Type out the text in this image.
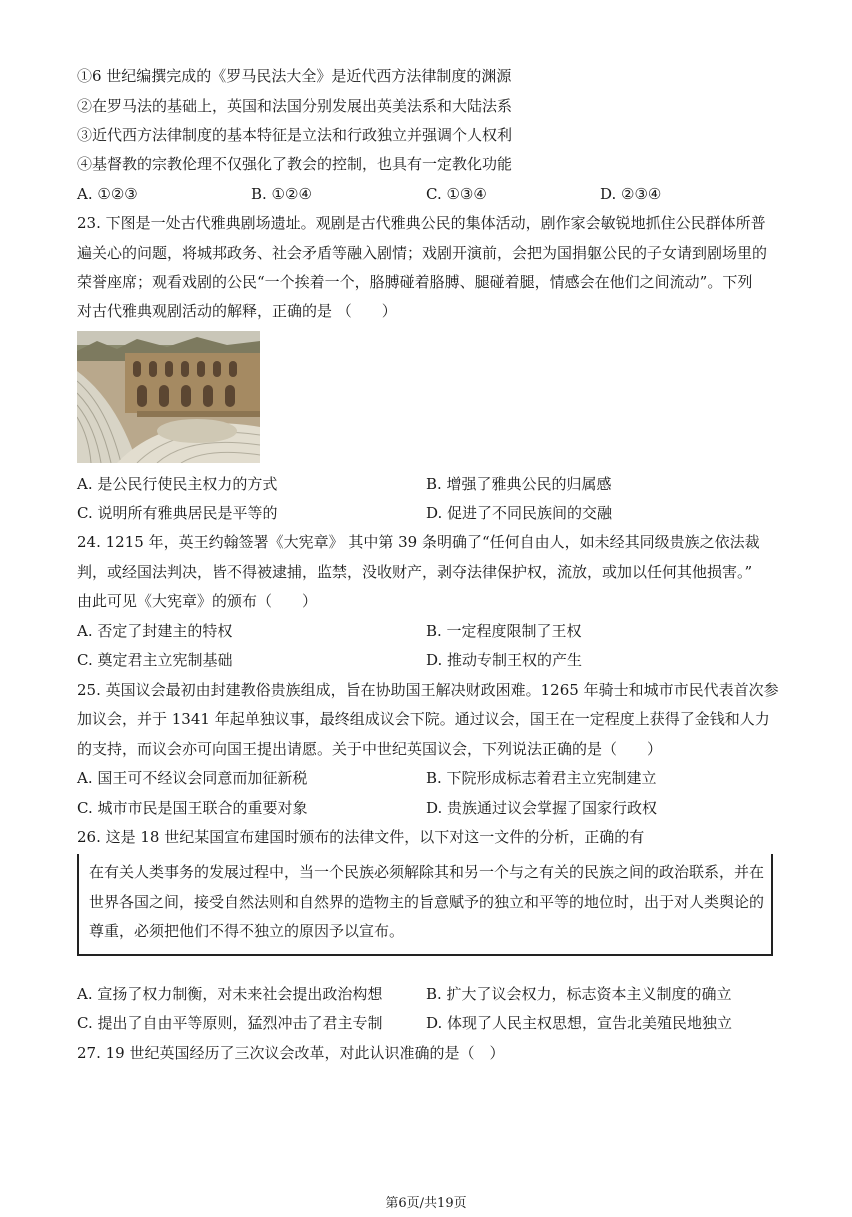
①6 世纪编撰完成的《罗马民法大全》是近代西方法律制度的渊源
②在罗马法的基础上，英国和法国分别发展出英美法系和大陆法系
③近代西方法律制度的基本特征是立法和行政独立并强调个人权利
④基督教的宗教伦理不仅强化了教会的控制，也具有一定教化功能
A. ①②③	B. ①②④	C. ①③④	D. ②③④
23. 下图是一处古代雅典剧场遗址。观剧是古代雅典公民的集体活动，剧作家会敏锐地抓住公民群体所普
遍关心的问题，将城邦政务、社会矛盾等融入剧情；戏剧开演前，会把为国捐躯公民的子女请到剧场里的
荣誉座席；观看戏剧的公民“一个挨着一个，胳膊碰着胳膊、腿碰着腿，情感会在他们之间流动”。下列
对古代雅典观剧活动的解释，正确的是 （　　）
A. 是公民行使民主权力的方式	B. 增强了雅典公民的归属感
C. 说明所有雅典居民是平等的	D. 促进了不同民族间的交融
24. 1215 年，英王约翰签署《大宪章》 其中第 39 条明确了“任何自由人，如未经其同级贵族之依法裁
判，或经国法判决，皆不得被逮捕，监禁，没收财产，剥夺法律保护权，流放，或加以任何其他损害。”
由此可见《大宪章》的颁布（　　）
A. 否定了封建主的特权	B. 一定程度限制了王权
C. 奠定君主立宪制基础	D. 推动专制王权的产生
25. 英国议会最初由封建教俗贵族组成，旨在协助国王解决财政困难。1265 年骑士和城市市民代表首次参
加议会，并于 1341 年起单独议事，最终组成议会下院。通过议会，国王在一定程度上获得了金钱和人力
的支持，而议会亦可向国王提出请愿。关于中世纪英国议会，下列说法正确的是（　　）
A. 国王可不经议会同意而加征新税	B. 下院形成标志着君主立宪制建立
C. 城市市民是国王联合的重要对象	D. 贵族通过议会掌握了国家行政权
26. 这是 18 世纪某国宣布建国时颁布的法律文件，以下对这一文件的分析，正确的有
在有关人类事务的发展过程中，当一个民族必须解除其和另一个与之有关的民族之间的政治联系，并在
世界各国之间，接受自然法则和自然界的造物主的旨意赋予的独立和平等的地位时，出于对人类舆论的
尊重，必须把他们不得不独立的原因予以宣布。
A. 宣扬了权力制衡，对未来社会提出政治构想	B. 扩大了议会权力，标志资本主义制度的确立
C. 提出了自由平等原则，猛烈冲击了君主专制	D. 体现了人民主权思想，宣告北美殖民地独立
27. 19 世纪英国经历了三次议会改革，对此认识准确的是（　）
第6页/共19页
